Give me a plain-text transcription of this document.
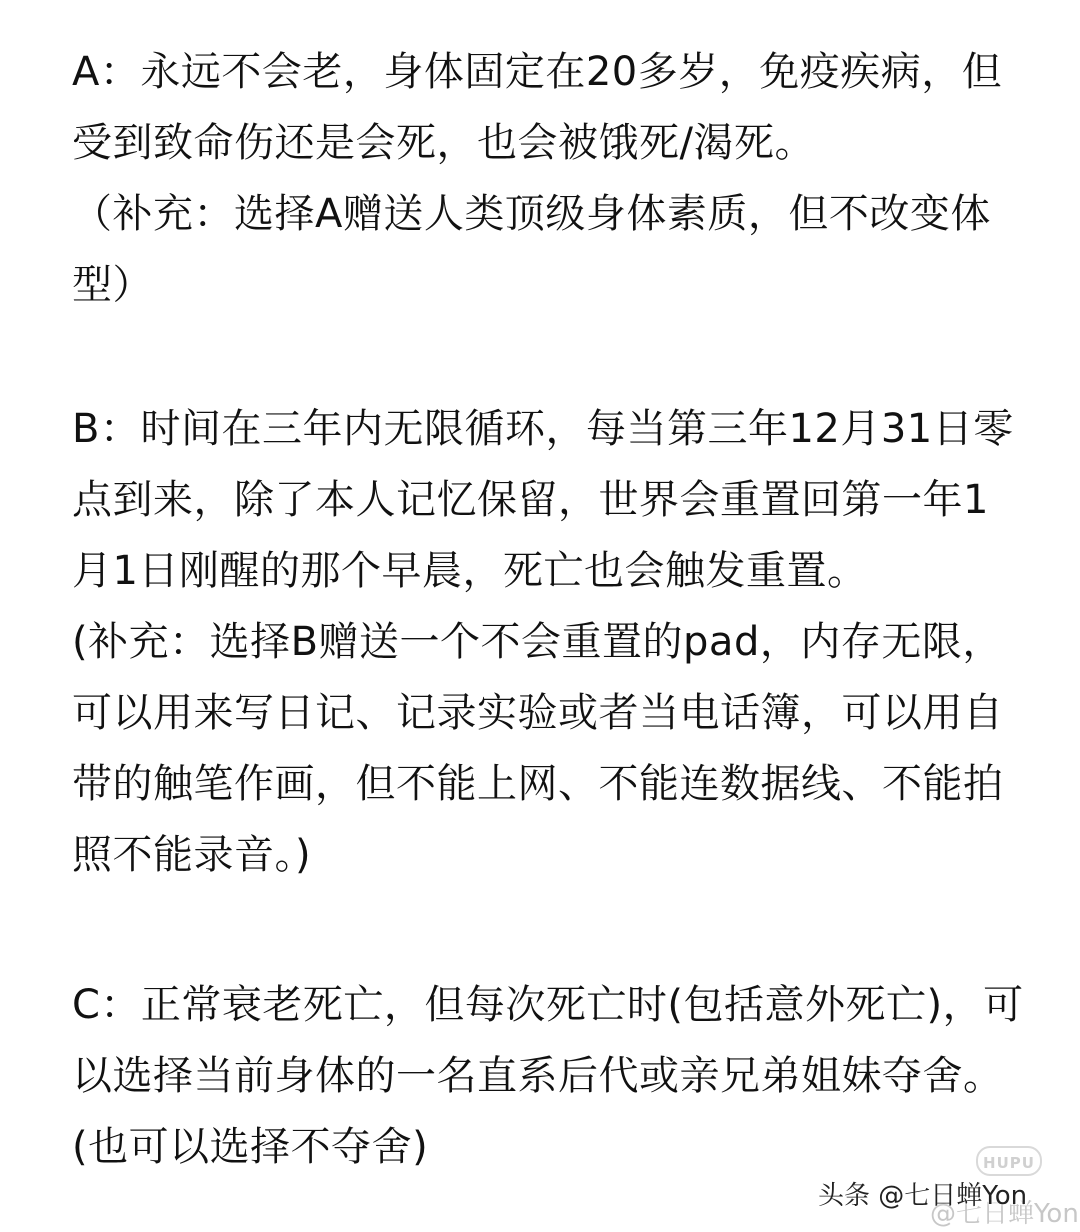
A：永远不会老，身体固定在20多岁，免疫疾病，但
受到致命伤还是会死，也会被饿死/渴死。
（补充：选择A赠送人类顶级身体素质，但不改变体
型）
B：时间在三年内无限循环，每当第三年12月31日零
点到来，除了本人记忆保留，世界会重置回第一年1
月1日刚醒的那个早晨，死亡也会触发重置。
(补充：选择B赠送一个不会重置的pad，内存无限，
可以用来写日记、记录实验或者当电话簿，可以用自
带的触笔作画，但不能上网、不能连数据线、不能拍
照不能录音。)
C：正常衰老死亡，但每次死亡时(包括意外死亡)，可
以选择当前身体的一名直系后代或亲兄弟姐妹夺舍。
(也可以选择不夺舍)	HUPU
@七日蝉Yon
头条 @七日蝉Yon
